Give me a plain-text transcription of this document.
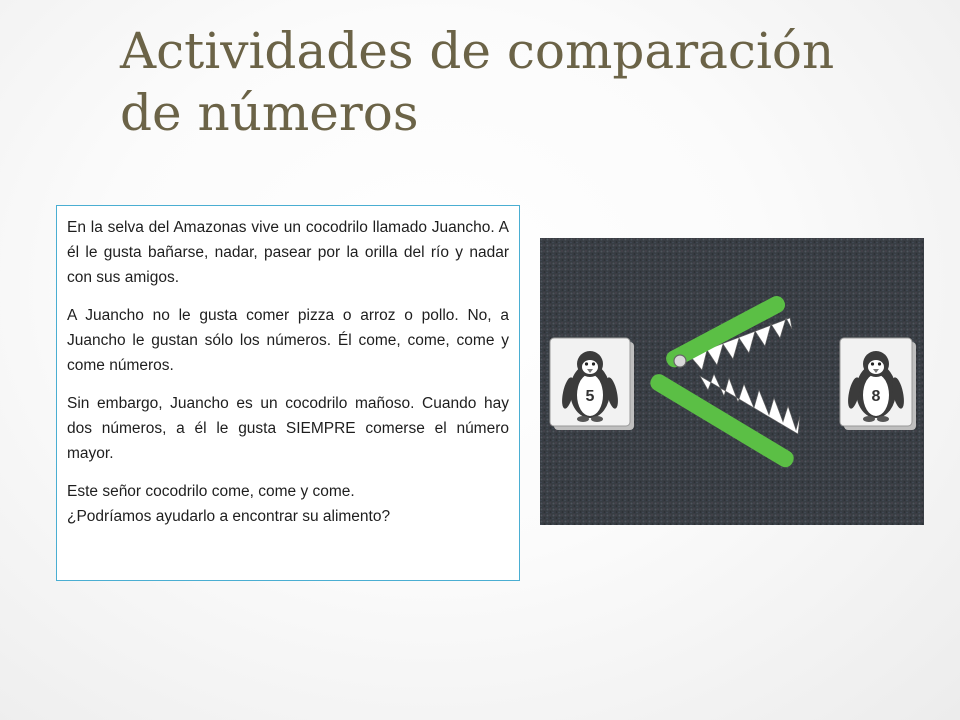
Actividades de comparación
de números

En la selva del Amazonas vive un cocodrilo llamado Juancho. A él le gusta bañarse, nadar, pasear por la orilla del río y nadar con sus amigos.

A Juancho no le gusta comer pizza o arroz o pollo. No, a Juancho le gustan sólo los números. Él come, come, come y come números.

Sin embargo, Juancho es un cocodrilo mañoso. Cuando hay dos números, a él le gusta SIEMPRE comerse el número mayor.

Este señor cocodrilo come, come y come.
¿Podríamos ayudarlo a encontrar su alimento?

5	8
